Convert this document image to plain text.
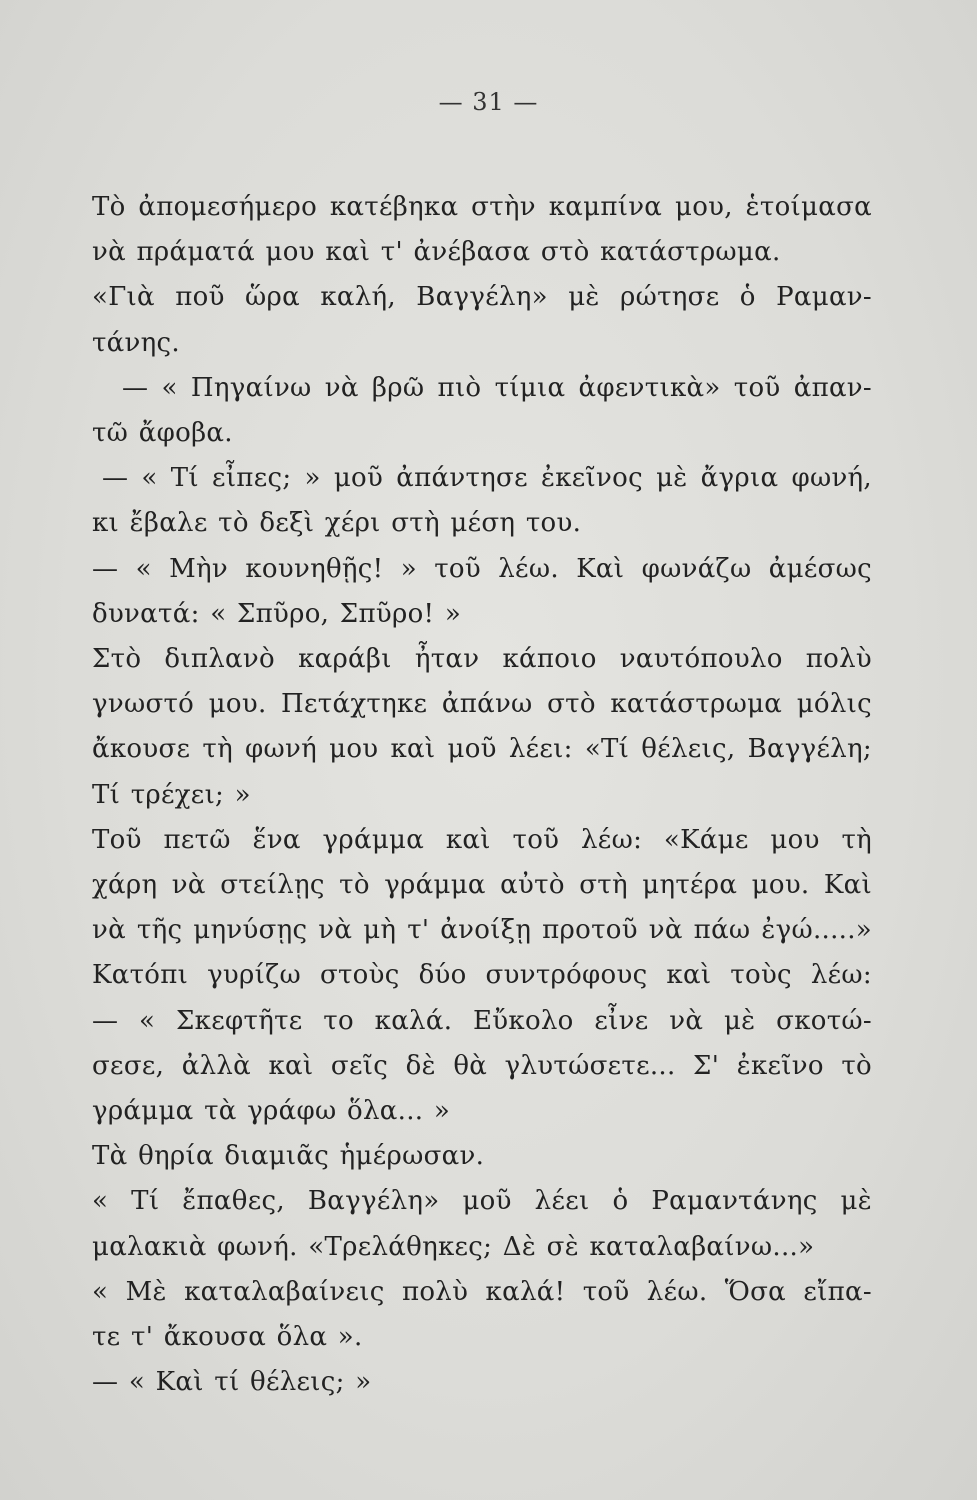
— 31 —
Τὸ ἀπομεσήμερο κατέβηκα στὴν καμπίνα μου, ἑτοίμασα
νὰ πράματά μου καὶ τ' ἀνέβασα στὸ κατάστρωμα.
«Γιὰ ποῦ ὥρα καλή, Βαγγέλη» μὲ ρώτησε ὁ Ραμαν-
τάνης.
— « Πηγαίνω νὰ βρῶ πιὸ τίμια ἀφεντικὰ» τοῦ ἀπαν-
τῶ ἄφοβα.
— « Τί εἶπες; » μοῦ ἀπάντησε ἐκεῖνος μὲ ἄγρια φωνή,
κι ἔβαλε τὸ δεξὶ χέρι στὴ μέση του.
— « Μὴν κουνηθῇς! » τοῦ λέω. Καὶ φωνάζω ἀμέσως
δυνατά: « Σπῦρο, Σπῦρο! »
Στὸ διπλανὸ καράβι ἦταν κάποιο ναυτόπουλο πολὺ
γνωστό μου. Πετάχτηκε ἀπάνω στὸ κατάστρωμα μόλις
ἄκουσε τὴ φωνή μου καὶ μοῦ λέει: «Τί θέλεις, Βαγγέλη;
Τί τρέχει; »
Τοῦ πετῶ ἕνα γράμμα καὶ τοῦ λέω: «Κάμε μου τὴ
χάρη νὰ στείλῃς τὸ γράμμα αὐτὸ στὴ μητέρα μου. Καὶ
νὰ τῆς μηνύσῃς νὰ μὴ τ' ἀνοίξῃ προτοῦ νὰ πάω ἐγώ.....»
Κατόπι γυρίζω στοὺς δύο συντρόφους καὶ τοὺς λέω:
— « Σκεφτῆτε το καλά. Εὔκολο εἶνε νὰ μὲ σκοτώ-
σεσε, ἀλλὰ καὶ σεῖς δὲ θὰ γλυτώσετε... Σ' ἐκεῖνο τὸ
γράμμα τὰ γράφω ὅλα... »
Τὰ θηρία διαμιᾶς ἡμέρωσαν.
« Τί ἔπαθες, Βαγγέλη» μοῦ λέει ὁ Ραμαντάνης μὲ
μαλακιὰ φωνή. «Τρελάθηκες; Δὲ σὲ καταλαβαίνω...»
« Μὲ καταλαβαίνεις πολὺ καλά! τοῦ λέω. Ὅσα εἴπα-
τε τ' ἄκουσα ὅλα ».
— « Καὶ τί θέλεις; »
